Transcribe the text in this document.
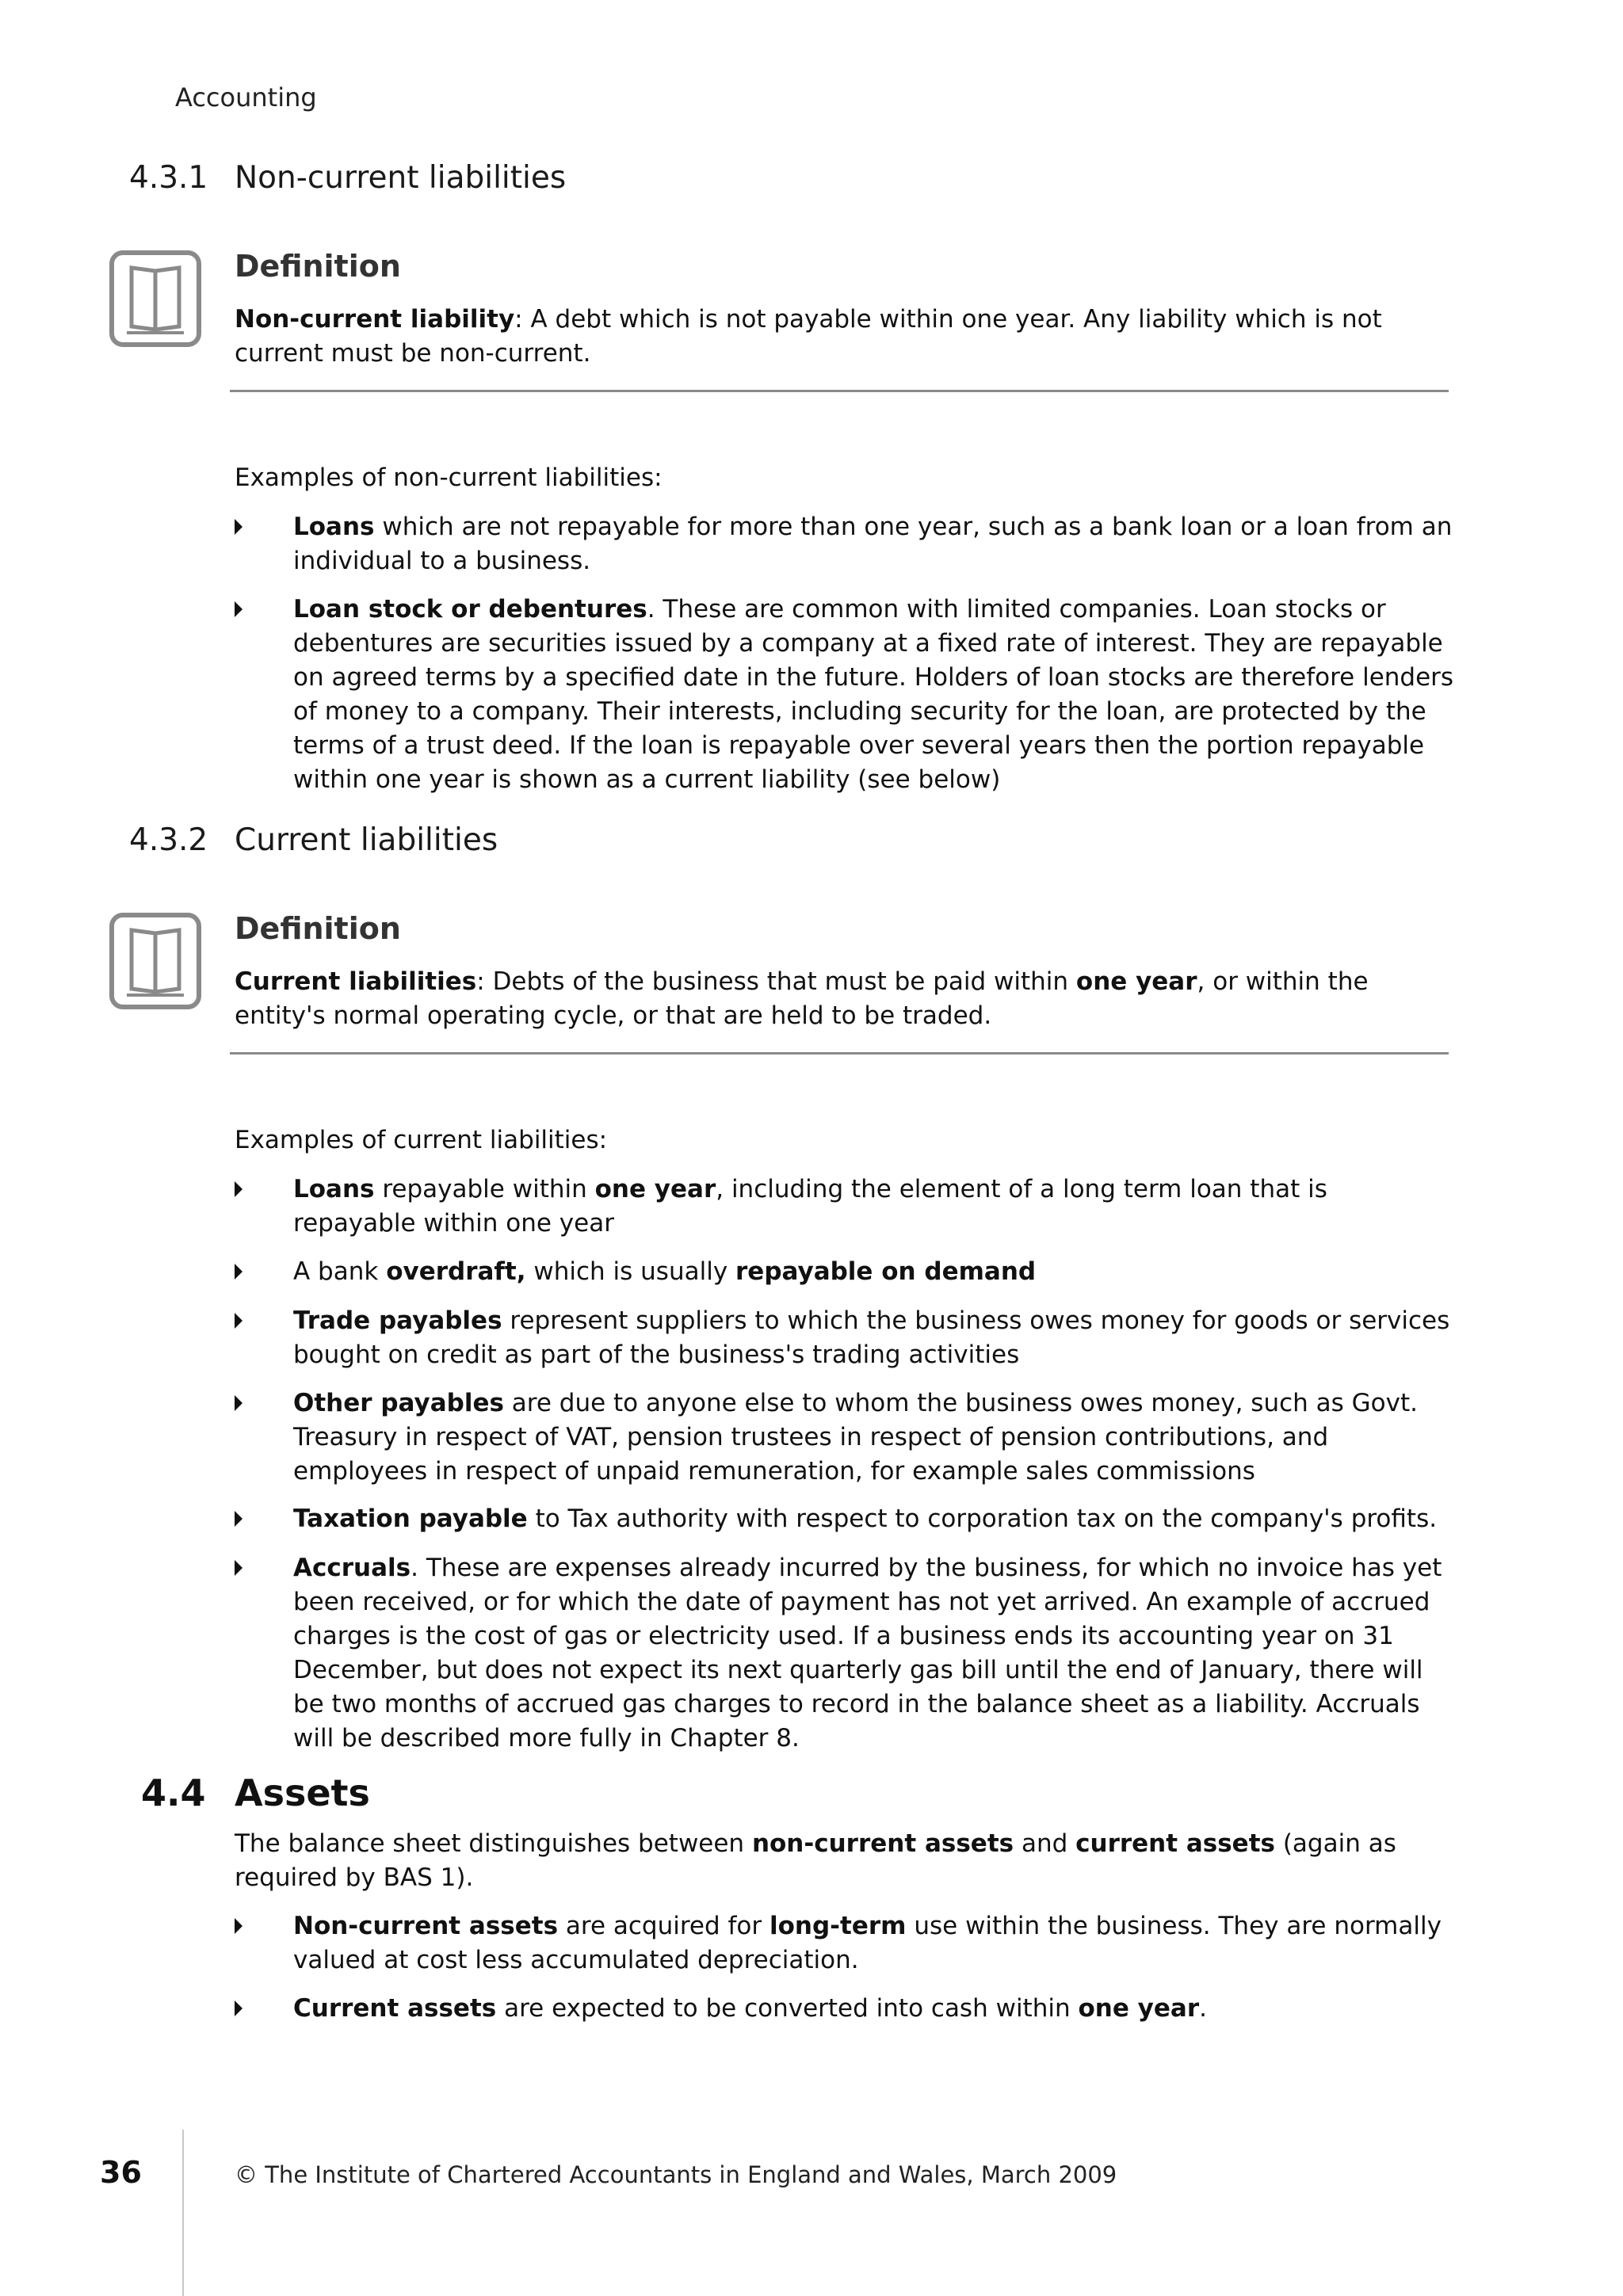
Accounting
4.3.1 Non-current liabilities
Definition
Non-current liability: A debt which is not payable within one year. Any liability which is not current must be non-current.
Examples of non-current liabilities:
Loans which are not repayable for more than one year, such as a bank loan or a loan from an individual to a business.
Loan stock or debentures. These are common with limited companies. Loan stocks or debentures are securities issued by a company at a fixed rate of interest. They are repayable on agreed terms by a specified date in the future. Holders of loan stocks are therefore lenders of money to a company. Their interests, including security for the loan, are protected by the terms of a trust deed. If the loan is repayable over several years then the portion repayable within one year is shown as a current liability (see below)
4.3.2 Current liabilities
Definition
Current liabilities: Debts of the business that must be paid within one year, or within the entity's normal operating cycle, or that are held to be traded.
Examples of current liabilities:
Loans repayable within one year, including the element of a long term loan that is repayable within one year
A bank overdraft, which is usually repayable on demand
Trade payables represent suppliers to which the business owes money for goods or services bought on credit as part of the business's trading activities
Other payables are due to anyone else to whom the business owes money, such as Govt. Treasury in respect of VAT, pension trustees in respect of pension contributions, and employees in respect of unpaid remuneration, for example sales commissions
Taxation payable to Tax authority with respect to corporation tax on the company's profits.
Accruals. These are expenses already incurred by the business, for which no invoice has yet been received, or for which the date of payment has not yet arrived. An example of accrued charges is the cost of gas or electricity used. If a business ends its accounting year on 31 December, but does not expect its next quarterly gas bill until the end of January, there will be two months of accrued gas charges to record in the balance sheet as a liability. Accruals will be described more fully in Chapter 8.
4.4 Assets
The balance sheet distinguishes between non-current assets and current assets (again as required by BAS 1).
Non-current assets are acquired for long-term use within the business. They are normally valued at cost less accumulated depreciation.
Current assets are expected to be converted into cash within one year.
36	© The Institute of Chartered Accountants in England and Wales, March 2009
